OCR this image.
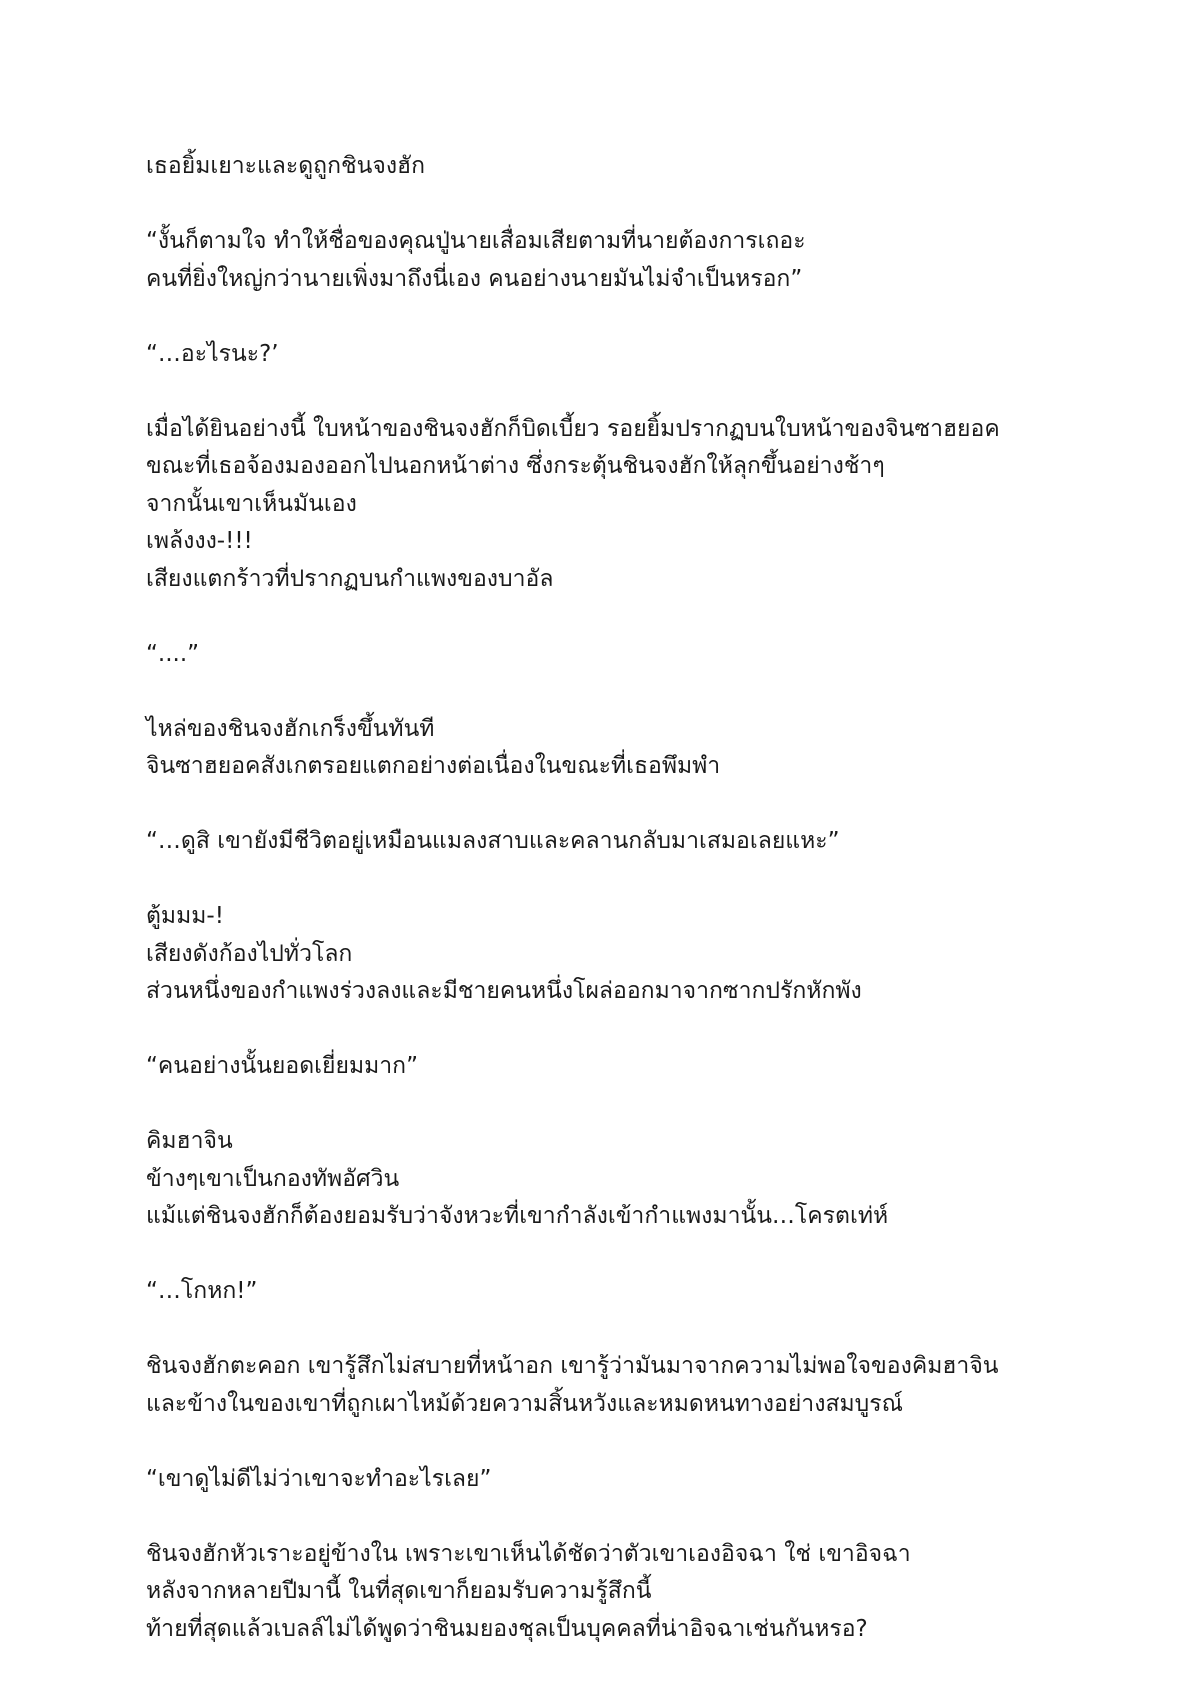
เธอยิ้มเยาะและดูถูกชินจงฮัก
“งั้นก็ตามใจ ทำให้ชื่อของคุณปู่นายเสื่อมเสียตามที่นายต้องการเถอะ
คนที่ยิ่งใหญ่กว่านายเพิ่งมาถึงนี่เอง คนอย่างนายมันไม่จำเป็นหรอก”
“…อะไรนะ?’
เมื่อได้ยินอย่างนี้ ใบหน้าของชินจงฮักก็บิดเบี้ยว รอยยิ้มปรากฏบนใบหน้าของจินซาฮยอค
ขณะที่เธอจ้องมองออกไปนอกหน้าต่าง ซึ่งกระตุ้นชินจงฮักให้ลุกขึ้นอย่างช้าๆ
จากนั้นเขาเห็นมันเอง
เพล้งงง-!!!
เสียงแตกร้าวที่ปรากฏบนกำแพงของบาอัล
“....”
ไหล่ของชินจงฮักเกร็งขึ้นทันที
จินซาฮยอคสังเกตรอยแตกอย่างต่อเนื่องในขณะที่เธอพึมพำ
“…ดูสิ เขายังมีชีวิตอยู่เหมือนแมลงสาบและคลานกลับมาเสมอเลยแหะ”
ตู้มมม-!
เสียงดังก้องไปทั่วโลก
ส่วนหนึ่งของกำแพงร่วงลงและมีชายคนหนึ่งโผล่ออกมาจากซากปรักหักพัง
“คนอย่างนั้นยอดเยี่ยมมาก”
คิมฮาจิน
ข้างๆเขาเป็นกองทัพอัศวิน
แม้แต่ชินจงฮักก็ต้องยอมรับว่าจังหวะที่เขากำลังเข้ากำแพงมานั้น…โครตเท่ห์
“…โกหก!”
ชินจงฮักตะคอก เขารู้สึกไม่สบายที่หน้าอก เขารู้ว่ามันมาจากความไม่พอใจของคิมฮาจิน
และข้างในของเขาที่ถูกเผาไหม้ด้วยความสิ้นหวังและหมดหนทางอย่างสมบูรณ์
“เขาดูไม่ดีไม่ว่าเขาจะทำอะไรเลย”
ชินจงฮักหัวเราะอยู่ข้างใน เพราะเขาเห็นได้ชัดว่าตัวเขาเองอิจฉา ใช่ เขาอิจฉา
หลังจากหลายปีมานี้ ในที่สุดเขาก็ยอมรับความรู้สึกนี้
ท้ายที่สุดแล้วเบลล์ไม่ได้พูดว่าชินมยองชุลเป็นบุคคลที่น่าอิจฉาเช่นกันหรอ?
